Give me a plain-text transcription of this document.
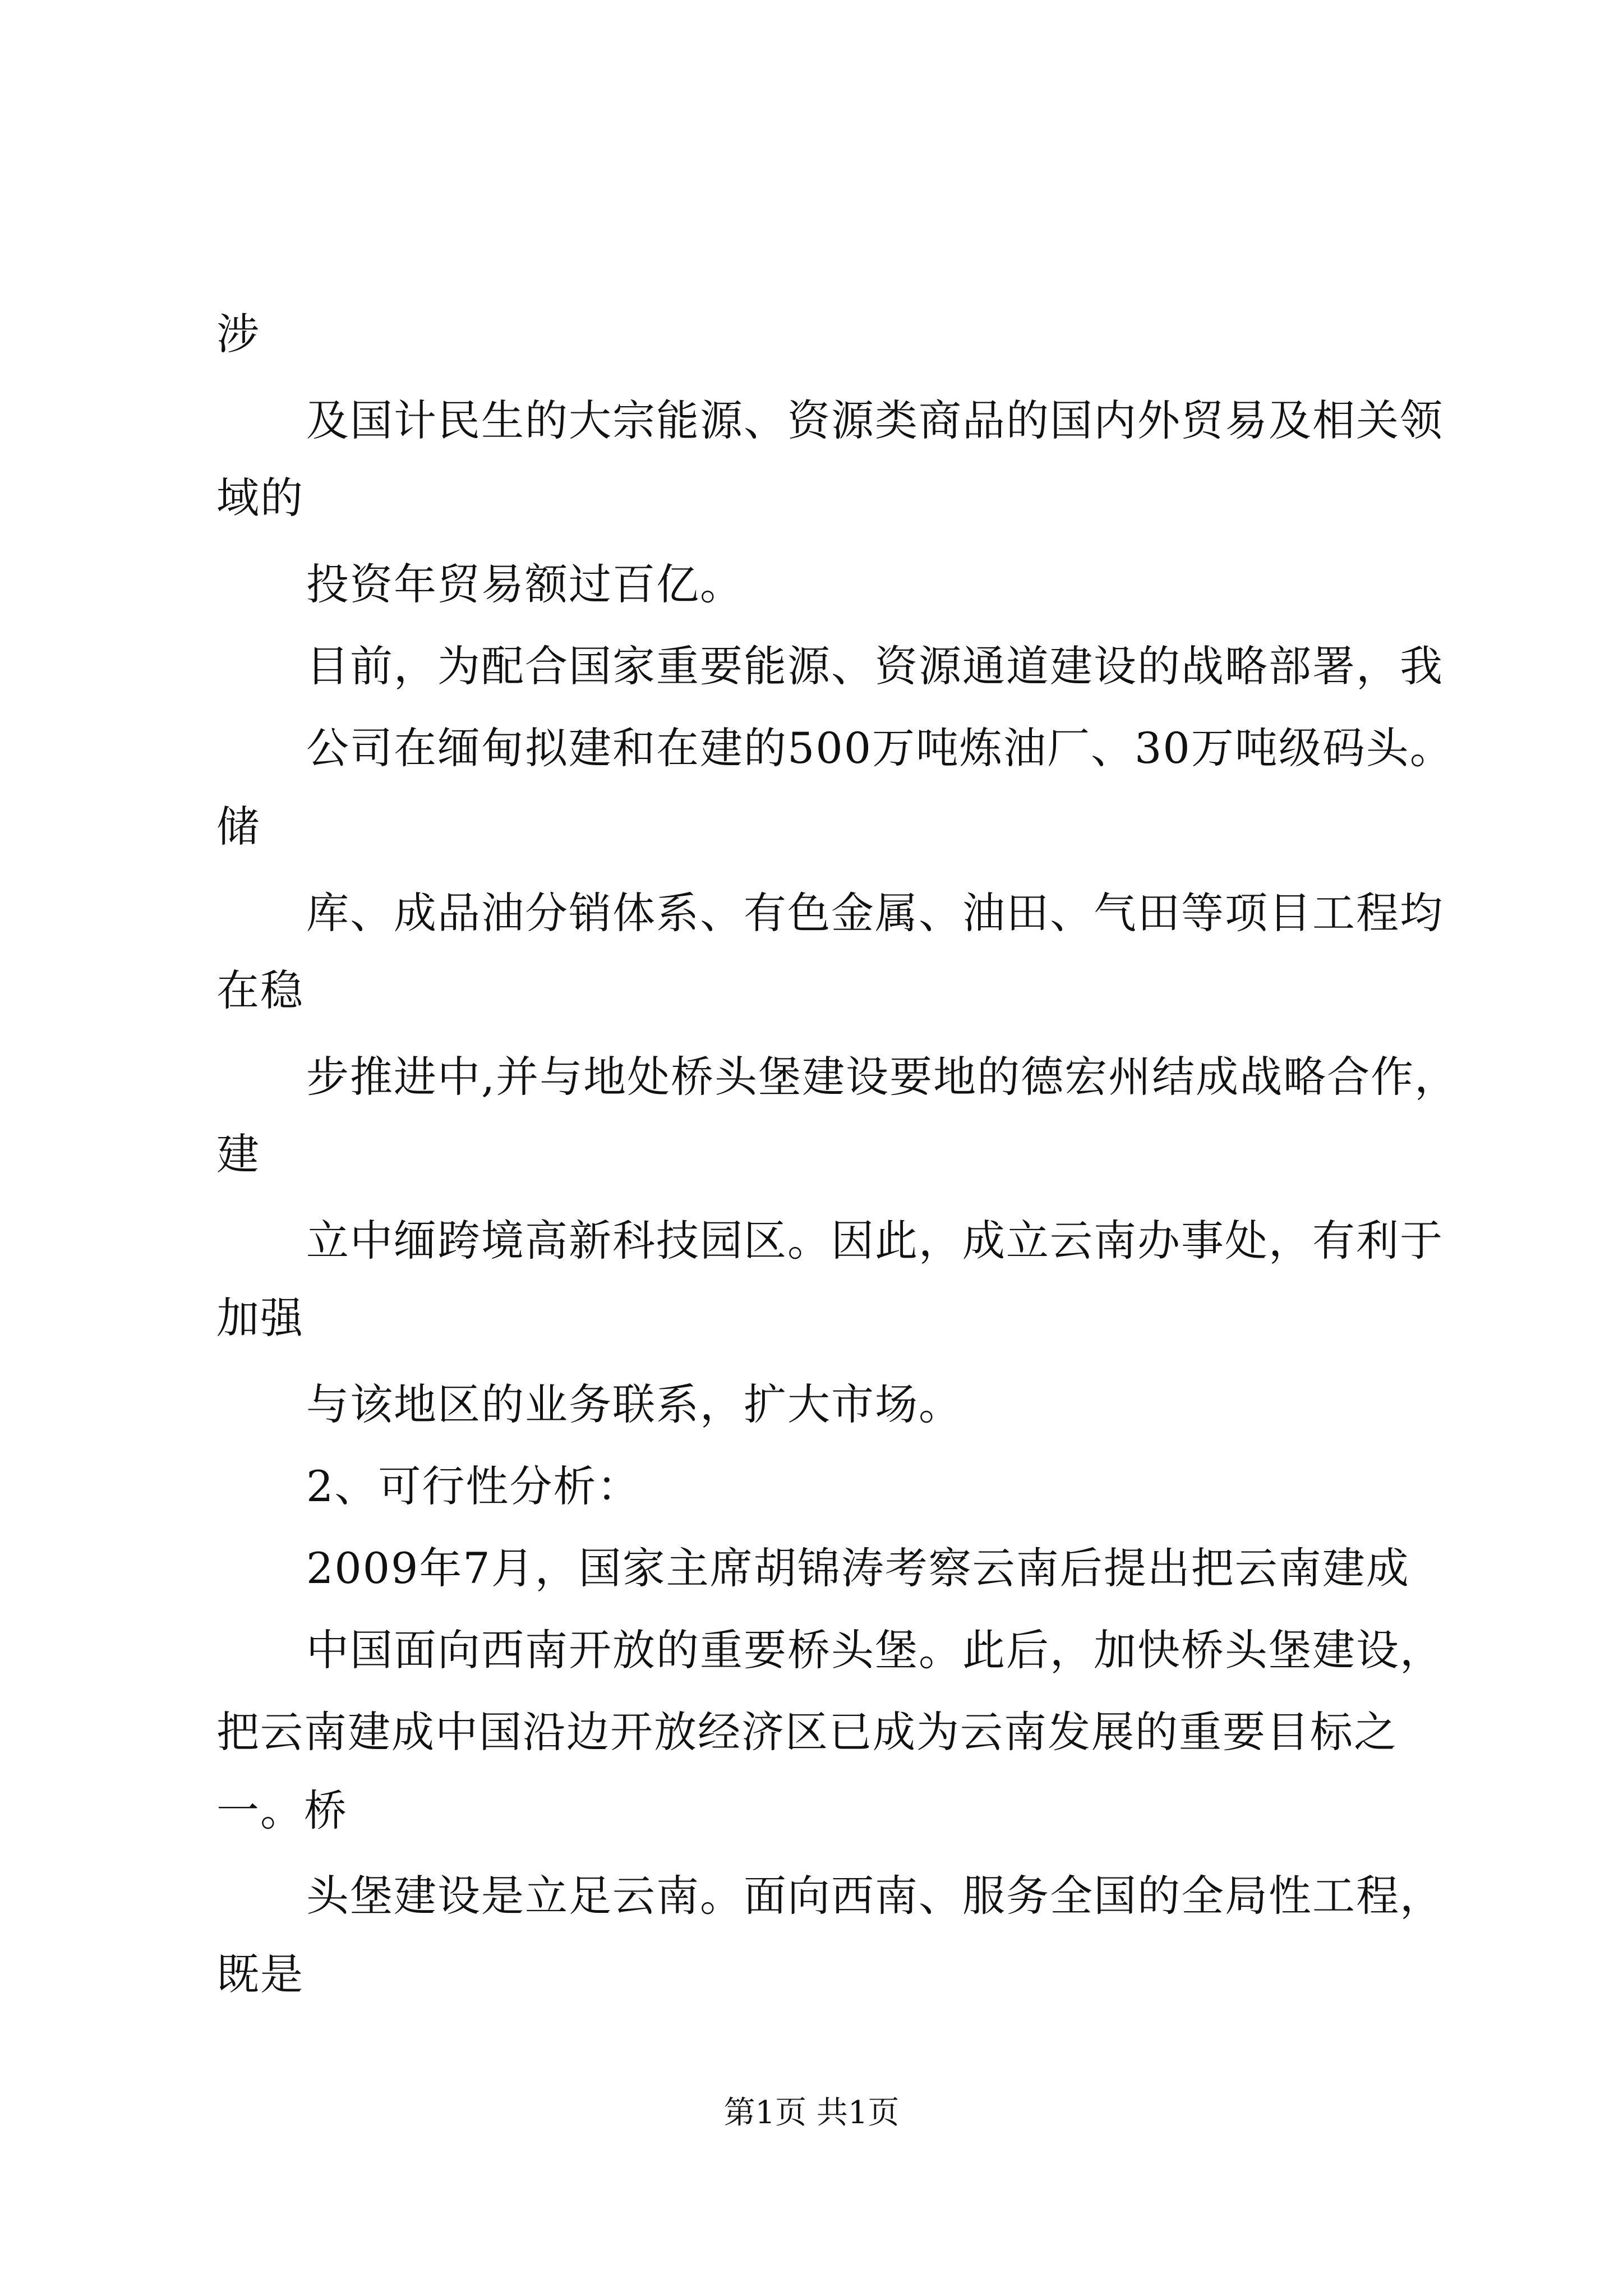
涉
及国计民生的大宗能源、资源类商品的国内外贸易及相关领
域的
投资年贸易额过百亿。
目前，为配合国家重要能源、资源通道建设的战略部署，我
公司在缅甸拟建和在建的500万吨炼油厂、30万吨级码头。
储
库、成品油分销体系、有色金属、油田、气田等项目工程均
在稳
步推进中,并与地处桥头堡建设要地的德宏州结成战略合作，
建
立中缅跨境高新科技园区。因此，成立云南办事处，有利于
加强
与该地区的业务联系，扩大市场。
2、可行性分析：
2009年7月，国家主席胡锦涛考察云南后提出把云南建成
中国面向西南开放的重要桥头堡。此后，加快桥头堡建设，
把云南建成中国沿边开放经济区已成为云南发展的重要目标之
一。桥
头堡建设是立足云南。面向西南、服务全国的全局性工程，
既是
第1页 共1页
